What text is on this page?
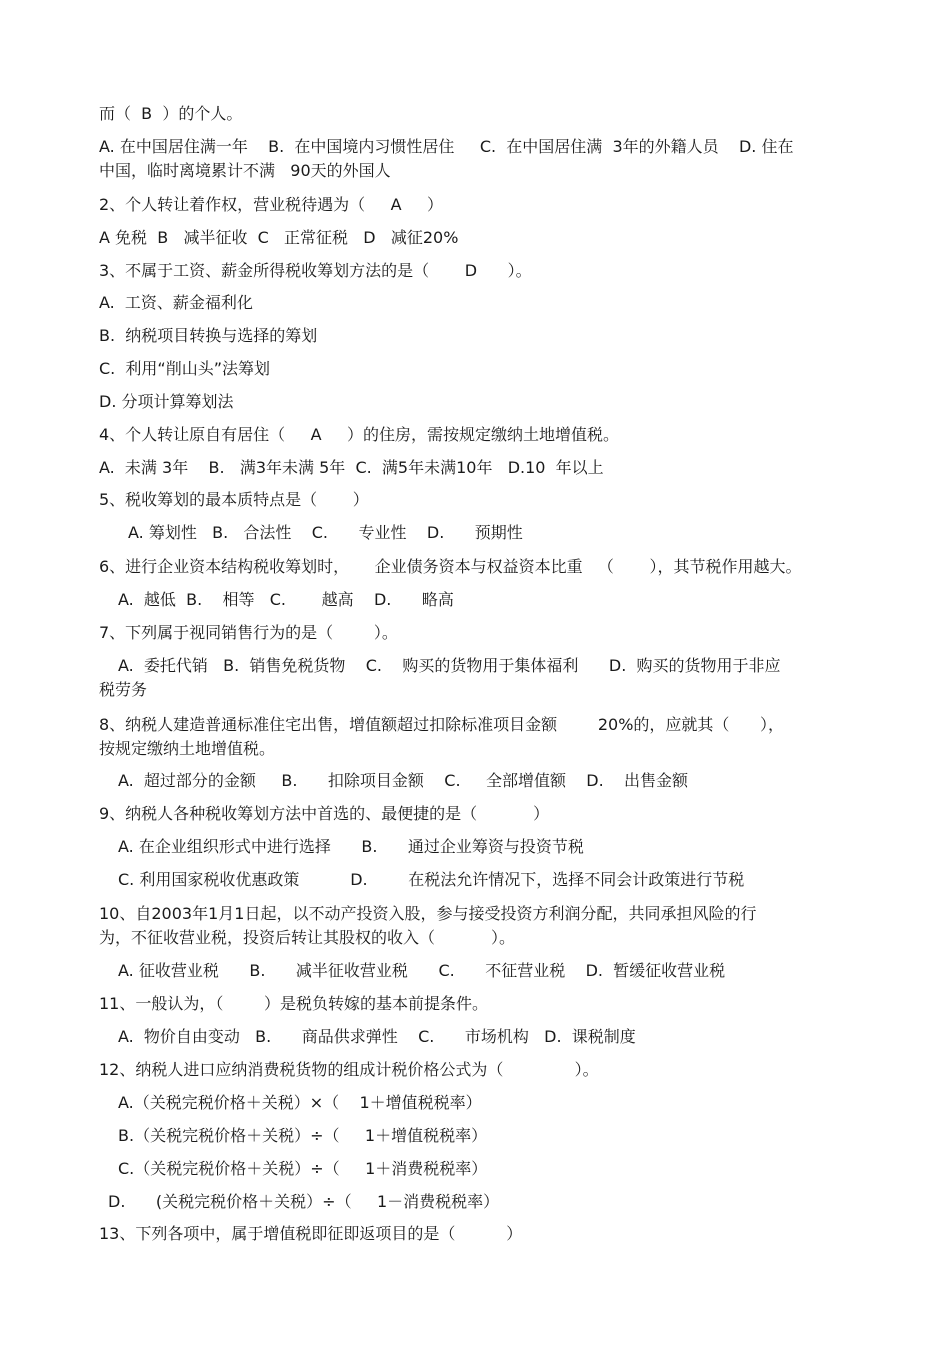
而（  B  ）的个人。
A. 在中国居住满一年    B.  在中国境内习惯性居住     C.  在中国居住满  3年的外籍人员    D. 住在
中国，临时离境累计不满   90天的外国人
2、个人转让着作权，营业税待遇为（     A     ）
A 免税  B   减半征收  C   正常征税   D   减征20%
3、不属于工资、薪金所得税收筹划方法的是（       D      ）。
A.  工资、薪金福利化
B.  纳税项目转换与选择的筹划
C.  利用“削山头”法筹划
D. 分项计算筹划法
4、个人转让原自有居住（     A     ）的住房，需按规定缴纳土地增值税。
A.  未满 3年    B.   满3年未满 5年  C.  满5年未满10年   D.10  年以上
5、税收筹划的最本质特点是（       ）
A. 筹划性   B.   合法性    C.      专业性    D.      预期性
6、进行企业资本结构税收筹划时，     企业债务资本与权益资本比重   （       ），其节税作用越大。
A.  越低  B.    相等   C.       越高    D.      略高
7、下列属于视同销售行为的是（        ）。
A.  委托代销   B.  销售免税货物    C.    购买的货物用于集体福利      D.  购买的货物用于非应
税劳务
8、纳税人建造普通标准住宅出售，增值额超过扣除标准项目金额        20%的，应就其（      ），
按规定缴纳土地增值税。
A.  超过部分的金额     B.      扣除项目金额    C.     全部增值额    D.    出售金额
9、纳税人各种税收筹划方法中首选的、最便捷的是（           ）
A. 在企业组织形式中进行选择      B.      通过企业筹资与投资节税
C. 利用国家税收优惠政策          D.        在税法允许情况下，选择不同会计政策进行节税
10、自2003年1月1日起，以不动产投资入股，参与接受投资方利润分配，共同承担风险的行
为，不征收营业税，投资后转让其股权的收入（           ）。
A. 征收营业税      B.      减半征收营业税      C.      不征营业税    D.  暂缓征收营业税
11、一般认为，（        ）是税负转嫁的基本前提条件。
A.  物价自由变动   B.      商品供求弹性    C.      市场机构   D.  课税制度
12、纳税人进口应纳消费税货物的组成计税价格公式为（              ）。
A.（关税完税价格＋关税）×（    1＋增值税税率）
B.（关税完税价格＋关税）÷（     1＋增值税税率）
C.（关税完税价格＋关税）÷（     1＋消费税税率）
D.      (关税完税价格＋关税）÷（     1－消费税税率）
13、下列各项中，属于增值税即征即返项目的是（          ）
